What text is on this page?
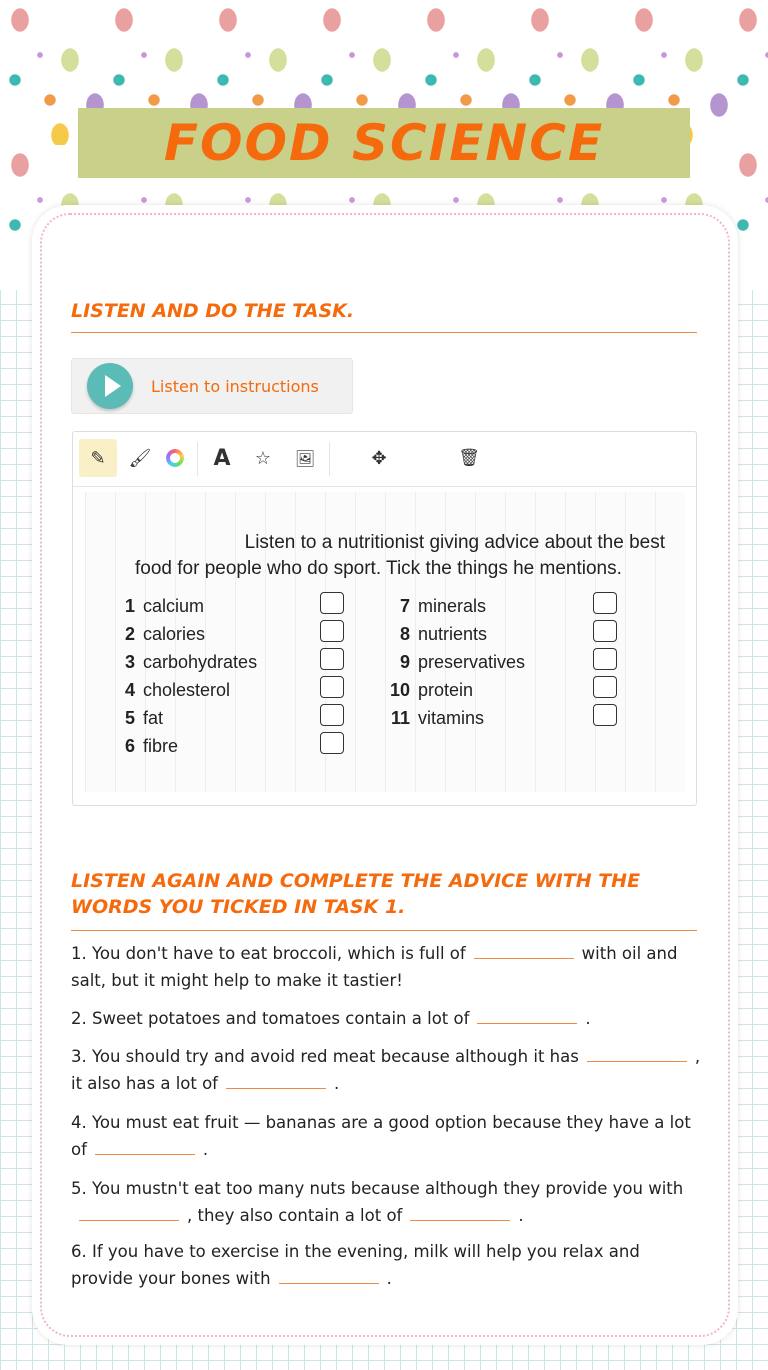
FOOD SCIENCE
LISTEN AND DO THE TASK.
Listen to instructions
✎	🖌	A	☆	🖼	✥	🗑
Listen to a nutritionist giving advice about the best
food for people who do sport. Tick the things he mentions.
1 calcium
2 calories
3 carbohydrates
4 cholesterol
5 fat
6 fibre
7 minerals
8 nutrients
9 preservatives
10 protein
11 vitamins
LISTEN AGAIN AND COMPLETE THE ADVICE WITH THE WORDS YOU TICKED IN TASK 1.
1. You don't have to eat broccoli, which is full of	with oil and salt, but it might help to make it tastier!
2. Sweet potatoes and tomatoes contain a lot of	.
3. You should try and avoid red meat because although it has	, it also has a lot of	.
4. You must eat fruit — bananas are a good option because they have a lot of	.
5. You mustn't eat too many nuts because although they provide you with, they also contain a lot of	.
6. If you have to exercise in the evening, milk will help you relax and provide your bones with	.
